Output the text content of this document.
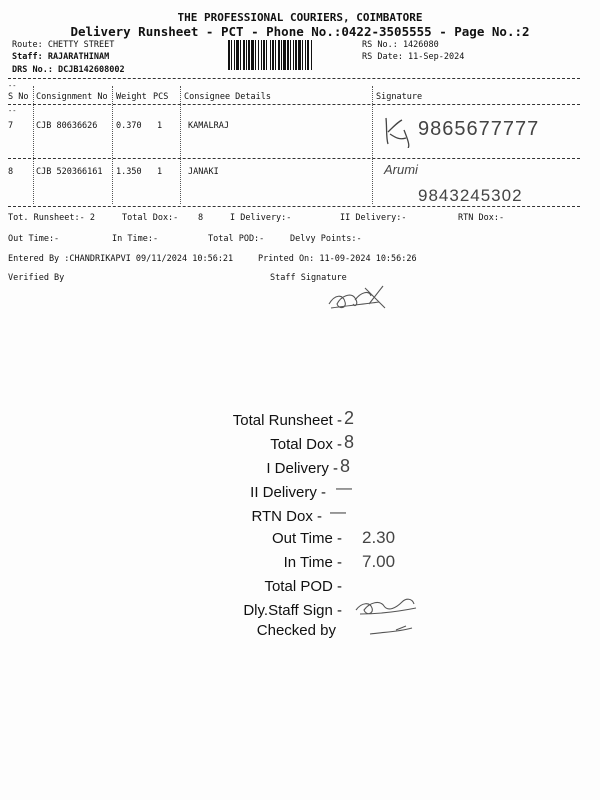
THE PROFESSIONAL COURIERS, COIMBATORE
Delivery Runsheet - PCT - Phone No.:0422-3505555 - Page No.:2
Route: CHETTY STREET
Staff: RAJARATHINAM
DRS No.: DCJB142608002
RS No.: 1426080
RS Date: 11-Sep-2024
--
--
S No Consignment No Weight PCS Consignee Details	Signature
7	CJB 80636626 0.370 1	KAMALRAJ	9865677777
8	CJB 520366161 1.350 1	JANAKI	Arumi
9843245302
Tot. Runsheet:- 2	Total Dox:- 8	I Delivery:-	II Delivery:-	RTN Dox:-
Out Time:-	In Time:-	Total POD:-	Delvy Points:-
Entered By :CHANDRIKAPVI 09/11/2024 10:56:21	Printed On: 11-09-2024 10:56:26
Verified By	Staff Signature
Total Runsheet - 2
Total Dox - 8
I Delivery - 8
II Delivery - —
RTN Dox - —
Out Time - 2.30
In Time - 7.00
Total POD -
Dly.Staff Sign -
Checked by
